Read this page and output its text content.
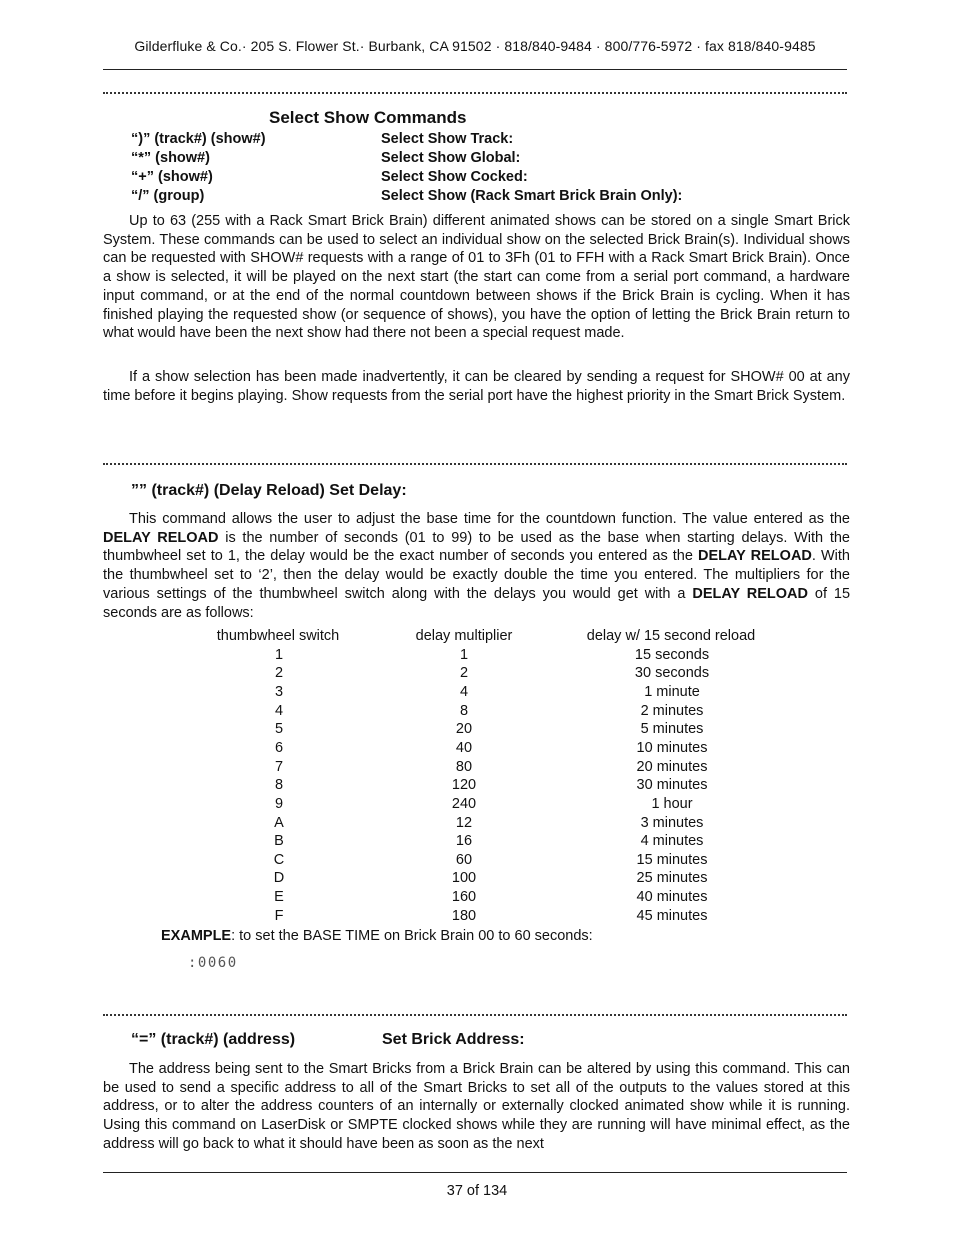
Gilderfluke & Co.· 205 S. Flower St.· Burbank, CA 91502 · 818/840-9484 · 800/776-5972 · fax 818/840-9485
Select Show Commands
“)” (track#) (show#)	Select Show Track:
“*” (show#)	Select Show Global:
“+” (show#)	Select Show Cocked:
“/” (group)	Select Show (Rack Smart Brick Brain Only):

Up to 63 (255 with a Rack Smart Brick Brain) different animated shows can be stored on a single Smart Brick System. These commands can be used to select an individual show on the selected Brick Brain(s). Individual shows can be requested with SHOW# requests with a range of 01 to 3Fh (01 to FFH with a Rack Smart Brick Brain). Once a show is selected, it will be played on the next start (the start can come from a serial port command, a hardware input command, or at the end of the normal countdown between shows if the Brick Brain is cycling. When it has finished playing the requested show (or sequence of shows), you have the option of letting the Brick Brain return to what would have been the next show had there not been a special request made.

If a show selection has been made inadvertently, it can be cleared by sending a request for SHOW# 00 at any time before it begins playing. Show requests from the serial port have the highest priority in the Smart Brick System.

”” (track#) (Delay Reload) Set Delay:

This command allows the user to adjust the base time for the countdown function. The value entered as the DELAY RELOAD is the number of seconds (01 to 99) to be used as the base when starting delays. With the thumbwheel set to 1, the delay would be the exact number of seconds you entered as the DELAY RELOAD. With the thumbwheel set to ‘2’, then the delay would be exactly double the time you entered. The multipliers for the various settings of the thumbwheel switch along with the delays you would get with a DELAY RELOAD of 15 seconds are as follows:

thumbwheel switch	delay multiplier	delay w/ 15 second reload
1	1	15 seconds
2	2	30 seconds
3	4	1 minute
4	8	2 minutes
5	20	5 minutes
6	40	10 minutes
7	80	20 minutes
8	120	30 minutes
9	240	1 hour
A	12	3 minutes
B	16	4 minutes
C	60	15 minutes
D	100	25 minutes
E	160	40 minutes
F	180	45 minutes
EXAMPLE: to set the BASE TIME on Brick Brain 00 to 60 seconds:
:0060
“=” (track#) (address)	Set Brick Address:

The address being sent to the Smart Bricks from a Brick Brain can be altered by using this command. This can be used to send a specific address to all of the Smart Bricks to set all of the outputs to the values stored at this address, or to alter the address counters of an internally or externally clocked animated show while it is running. Using this command on LaserDisk or SMPTE clocked shows while they are running will have minimal effect, as the address will go back to what it should have been as soon as the next

37 of 134
